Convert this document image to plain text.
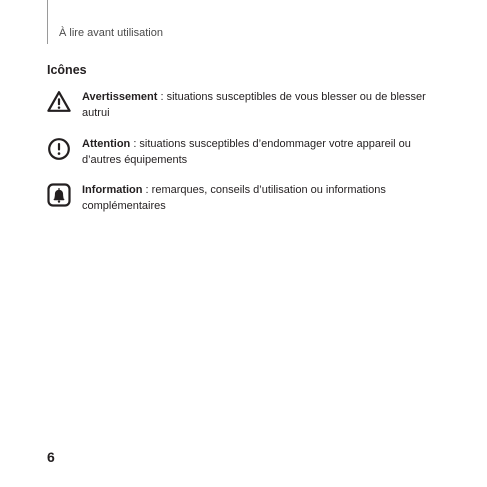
À lire avant utilisation
Icônes
Avertissement : situations susceptibles de vous blesser ou de blesser autrui
Attention : situations susceptibles d’endommager votre appareil ou d’autres équipements
Information : remarques, conseils d’utilisation ou informations complémentaires
6
